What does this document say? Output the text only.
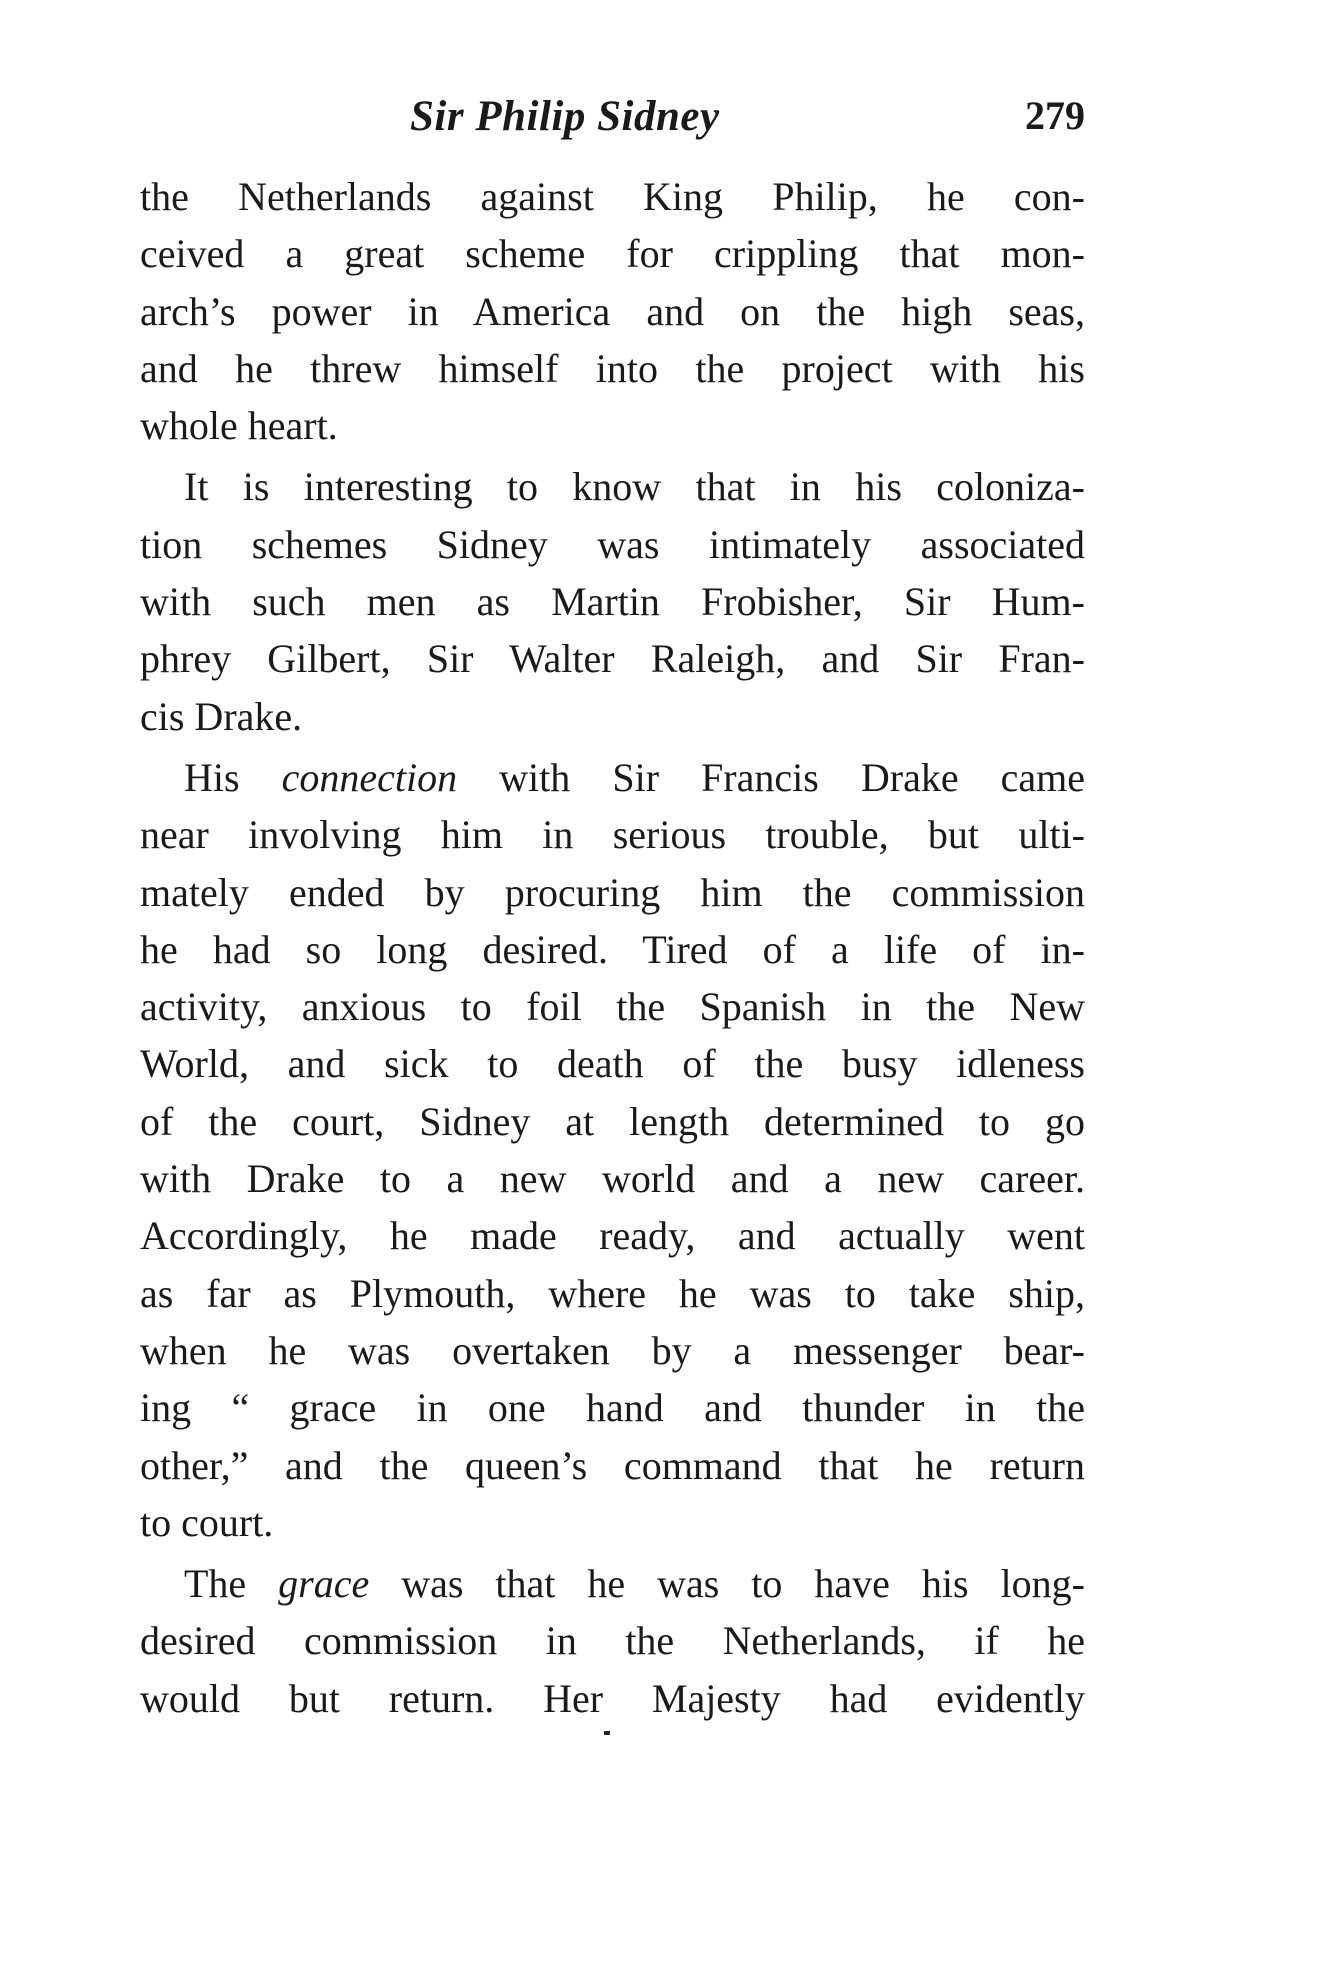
Sir Philip Sidney	279
the Netherlands against King Philip, he con-
ceived a great scheme for crippling that mon-
arch’s power in America and on the high seas,
and he threw himself into the project with his
whole heart.
It is interesting to know that in his coloniza-
tion schemes Sidney was intimately associated
with such men as Martin Frobisher, Sir Hum-
phrey Gilbert, Sir Walter Raleigh, and Sir Fran-
cis Drake.
His connection with Sir Francis Drake came
near involving him in serious trouble, but ulti-
mately ended by procuring him the commission
he had so long desired. Tired of a life of in-
activity, anxious to foil the Spanish in the New
World, and sick to death of the busy idleness
of the court, Sidney at length determined to go
with Drake to a new world and a new career.
Accordingly, he made ready, and actually went
as far as Plymouth, where he was to take ship,
when he was overtaken by a messenger bear-
ing “ grace in one hand and thunder in the
other,” and the queen’s command that he return
to court.
The grace was that he was to have his long-
desired commission in the Netherlands, if he
would but return. Her Majesty had evidently
